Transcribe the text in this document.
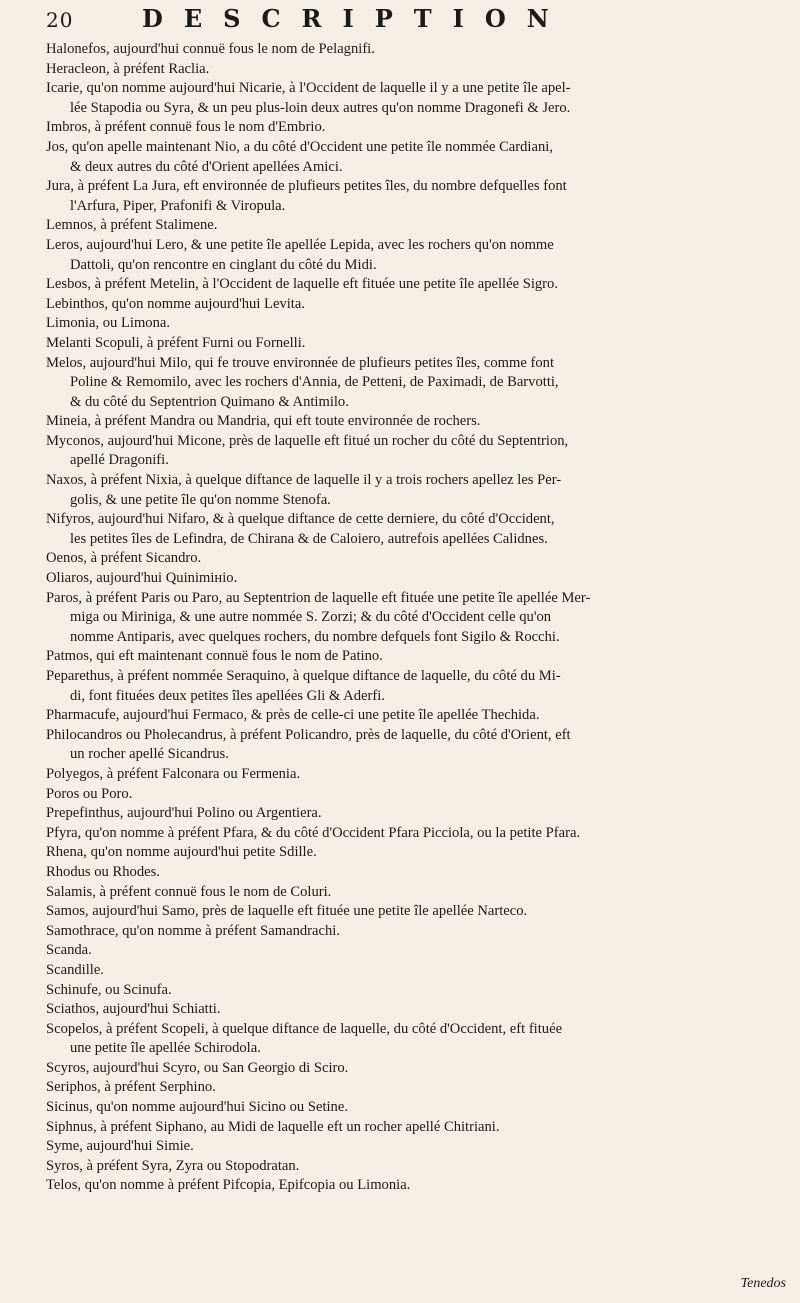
20	DESCRIPTION

Halonefos, aujourd'hui connuë fous le nom de Pelagnifi.

Heracleon, à préfent Raclia.

Icarie, qu'on nomme aujourd'hui Nicarie, à l'Occident de laquelle il y a une petite île apel-

lée Stapodia ou Syra, & un peu plus-loin deux autres qu'on nomme Dragonefi & Jero.

Imbros, à préfent connuë fous le nom d'Embrio.

Jos, qu'on apelle maintenant Nio, a du côté d'Occident une petite île nommée Cardiani,

& deux autres du côté d'Orient apellées Amici.

Jura, à préfent La Jura, eft environnée de plufieurs petites îles, du nombre defquelles font

l'Arfura, Piper, Prafonifi & Viropula.

Lemnos, à préfent Stalimene.

Leros, aujourd'hui Lero, & une petite île apellée Lepida, avec les rochers qu'on nomme

Dattoli, qu'on rencontre en cinglant du côté du Midi.

Lesbos, à préfent Metelin, à l'Occident de laquelle eft fituée une petite île apellée Sigro.

Lebinthos, qu'on nomme aujourd'hui Levita.

Limonia, ou Limona.

Melanti Scopuli, à préfent Furni ou Fornelli.

Melos, aujourd'hui Milo, qui fe trouve environnée de plufieurs petites îles, comme font

Poline & Remomilo, avec les rochers d'Annia, de Petteni, de Paximadi, de Barvotti,

& du côté du Septentrion Quimano & Antimilo.

Mineia, à préfent Mandra ou Mandria, qui eft toute environnée de rochers.

Myconos, aujourd'hui Micone, près de laquelle eft fitué un rocher du côté du Septentrion,

apellé Dragonifi.

Naxos, à préfent Nixia, à quelque diftance de laquelle il y a trois rochers apellez les Per-

golis, & une petite île qu'on nomme Stenofa.

Nifyros, aujourd'hui Nifaro, & à quelque diftance de cette derniere, du côté d'Occident,

les petites îles de Lefindra, de Chirana & de Caloiero, autrefois apellées Calidnes.

Oenos, à préfent Sicandro.

Oliaros, aujourd'hui Quinimінio.

Paros, à préfent Paris ou Paro, au Septentrion de laquelle eft fituée une petite île apellée Mer-

miga ou Mirinіga, & une autre nommée S. Zorzi; & du côté d'Occident celle qu'on

nomme Antiparis, avec quelques rochers, du nombre defquels font Sigilo & Rocchi.

Patmos, qui eft maintenant connuë fous le nom de Patino.

Peparethus, à préfent nommée Seraquino, à quelque diftance de laquelle, du côté du Mi-

di, font fituées deux petites îles apellées Gli & Aderfi.

Pharmacufe, aujourd'hui Fermaco, & près de celle-ci une petite île apellée Thechida.

Philocandros ou Pholecandrus, à préfent Policandro, près de laquelle, du côté d'Orient, eft

un rocher apellé Sicandrus.

Polyegos, à préfent Falconara ou Fermenia.

Poros ou Poro.

Prepefinthus, aujourd'hui Polino ou Argentiera.

Pfyra, qu'on nomme à préfent Pfara, & du côté d'Occident Pfara Picciola, ou la petite Pfara.

Rhena, qu'on nomme aujourd'hui petite Sdille.

Rhodus ou Rhodes.

Salamis, à préfent connuë fous le nom de Coluri.

Samos, aujourd'hui Samo, près de laquelle eft fituée une petite île apellée Narteco.

Samothrace, qu'on nomme à préfent Samandrachi.

Scanda.

Scandille.

Schinufe, ou Scinufa.

Sciathos, aujourd'hui Schiatti.

Scopelos, à préfent Scopeli, à quelque diftance de laquelle, du côté d'Occident, eft fituée

une petite île apellée Schirodola.

Scyros, aujourd'hui Scyro, ou San Georgio di Sciro.

Seriphos, à préfent Serphino.

Sicinus, qu'on nomme aujourd'hui Sicino ou Setine.

Siphnus, à préfent Siphano, au Midi de laquelle eft un rocher apellé Chitriani.

Syme, aujourd'hui Simie.

Syros, à préfent Syra, Zyra ou Stopodratan.

Telos, qu'on nomme à préfent Pifcopia, Epifcopia ou Limonia.

Tenedos
